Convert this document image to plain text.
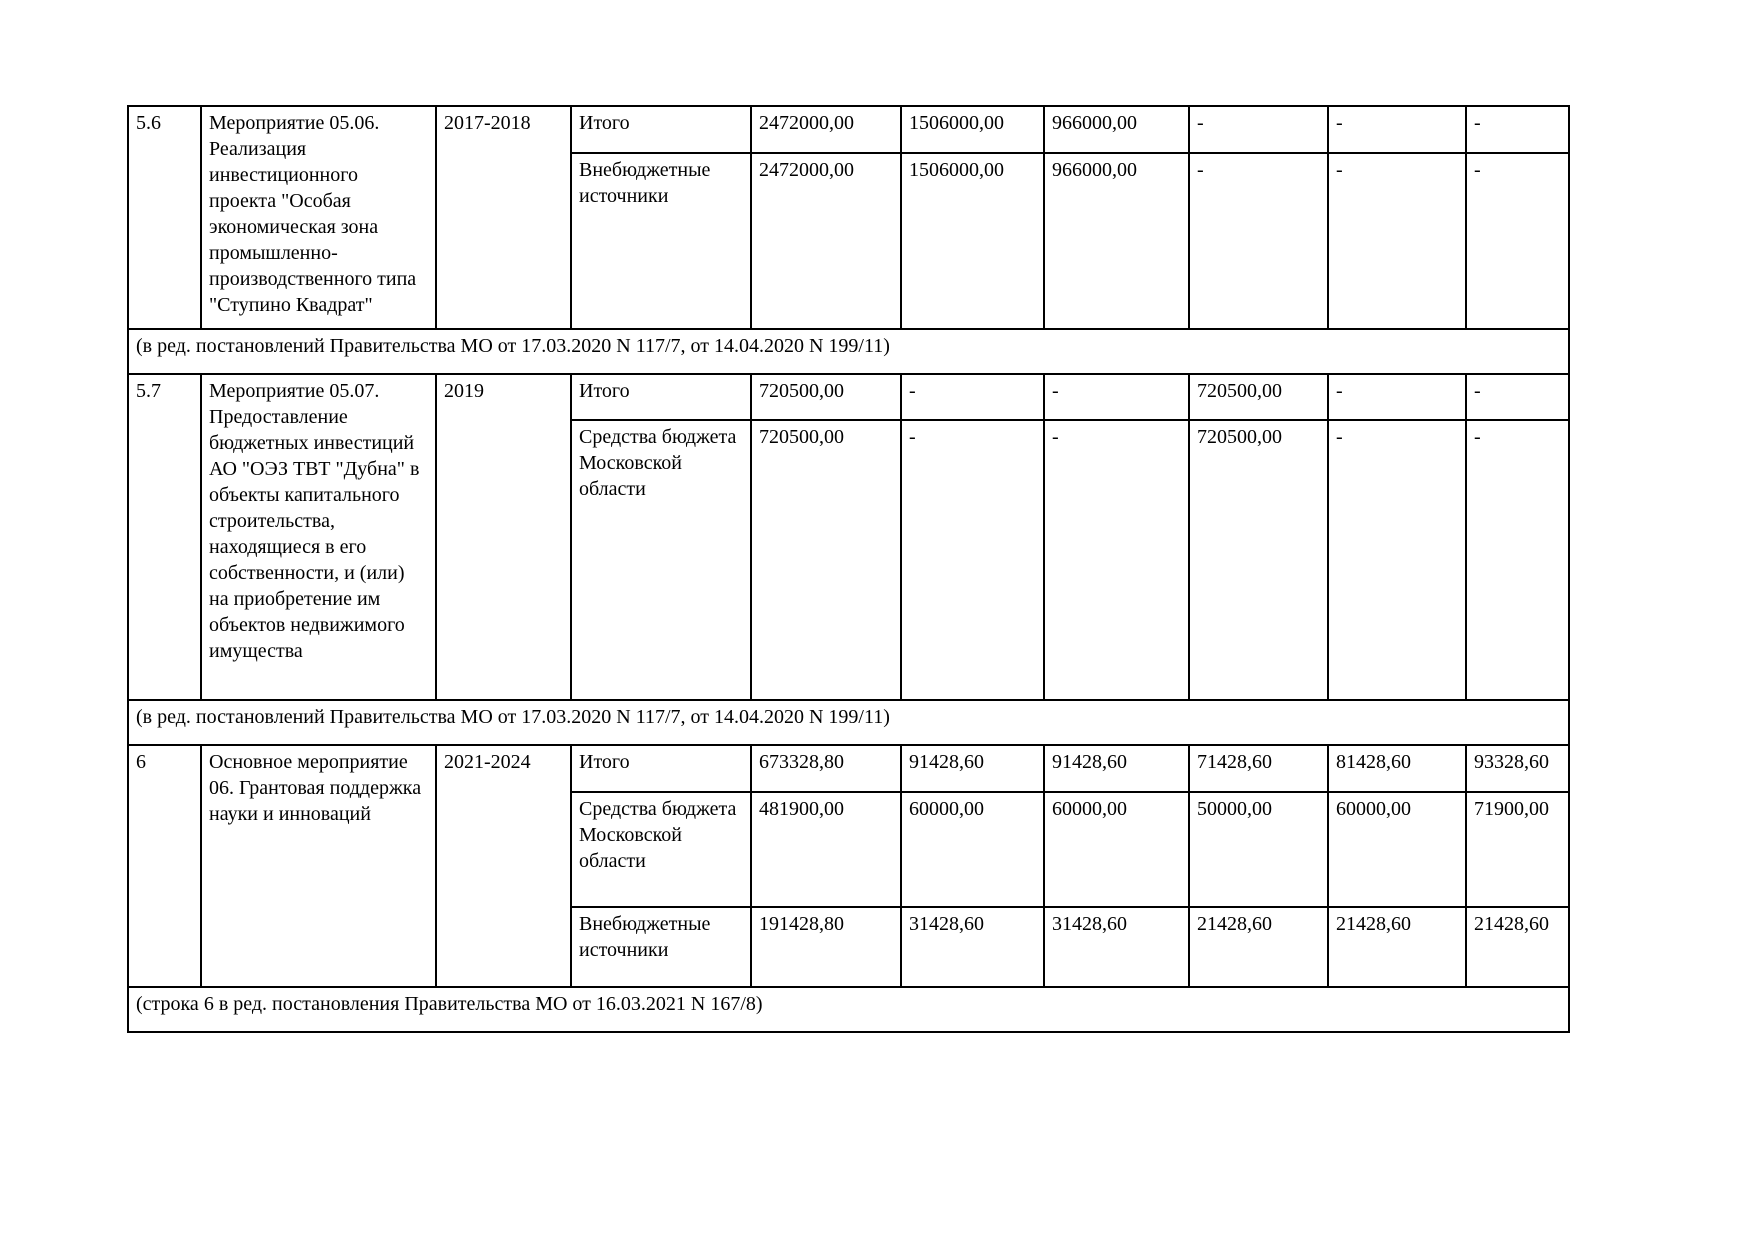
5.6	Мероприятие 05.06. Реализация инвестиционного проекта "Особая экономическая зона промышленно-производственного типа "Ступино Квадрат"	2017-2018	Итого	2472000,00	1506000,00	966000,00	-	-	-
			Внебюджетные источники	2472000,00	1506000,00	966000,00	-	-	-
(в ред. постановлений Правительства МО от 17.03.2020 N 117/7, от 14.04.2020 N 199/11)									
5.7	Мероприятие 05.07. Предоставление бюджетных инвестиций АО "ОЭЗ ТВТ "Дубна" в объекты капитального строительства, находящиеся в его собственности, и (или) на приобретение им объектов недвижимого имущества	2019	Итого	720500,00	-	-	720500,00	-	-
			Средства бюджета Московской области	720500,00	-	-	720500,00	-	-
(в ред. постановлений Правительства МО от 17.03.2020 N 117/7, от 14.04.2020 N 199/11)									
6	Основное мероприятие 06. Грантовая поддержка науки и инноваций	2021-2024	Итого	673328,80	91428,60	91428,60	71428,60	81428,60	93328,60
			Средства бюджета Московской области	481900,00	60000,00	60000,00	50000,00	60000,00	71900,00
			Внебюджетные источники	191428,80	31428,60	31428,60	21428,60	21428,60	21428,60
(строка 6 в ред. постановления Правительства МО от 16.03.2021 N 167/8)									
